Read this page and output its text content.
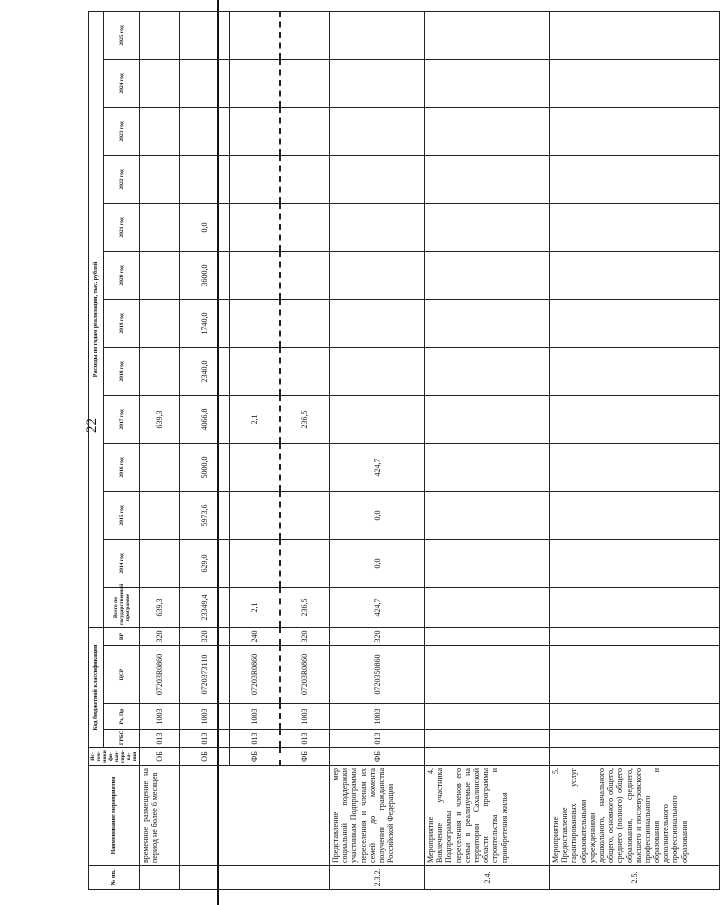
22
№ пп.	Наименование мероприятия	Ис-точ-ники фи-нан-сиро-ва-ния	Код бюджетной классификации				Расходы по годам реализации, тыс. рублей												
			ГРБС	Рз, Пр	ЦСР	ВР	Всего по государственной программе	2014 год	2015 год	2016 год	2017 год	2018 год	2019 год	2020 год	2021 год	2022 год	2023 год	2024 год	2025 год
	временное размещение на период не более 6 месяцев	ОБ	013	1003	07203R0860	320	639,3				639,3								
		ОБ	013	1003	0720373110	320	23349,4	629,0	5973,6	5000,0	4066,8	2340,0	1740,0	3600,0	0,0				
		ФБ	013	1003	07203R0860	240	2,1				2,1								
		ФБ	013	1003	07203R0860	320	236,5				236,5								
2.3.2.	Представление мер социальной поддержки участникам Подпрограммы переселения и членам их семей до момента получения гражданства Российской Федерации	ФБ	013	1003	0720350860	320	424,7	0,0	0,0	424,7									
2.4.	Мероприятие 4. Вовлечение участника Подпрограммы переселения и членов его семьи в реализуемые на территории Сахалинской области программы строительства и приобретения жилья																		
2.5.	Мероприятие 5. Предоставление гарантированных услуг образовательными учреждениями дошкольного, начального общего, основного общего, среднего (полного) общего образования, среднего, высшего и послевузовского профессионального образования и дополнительного профессионального образования																		
